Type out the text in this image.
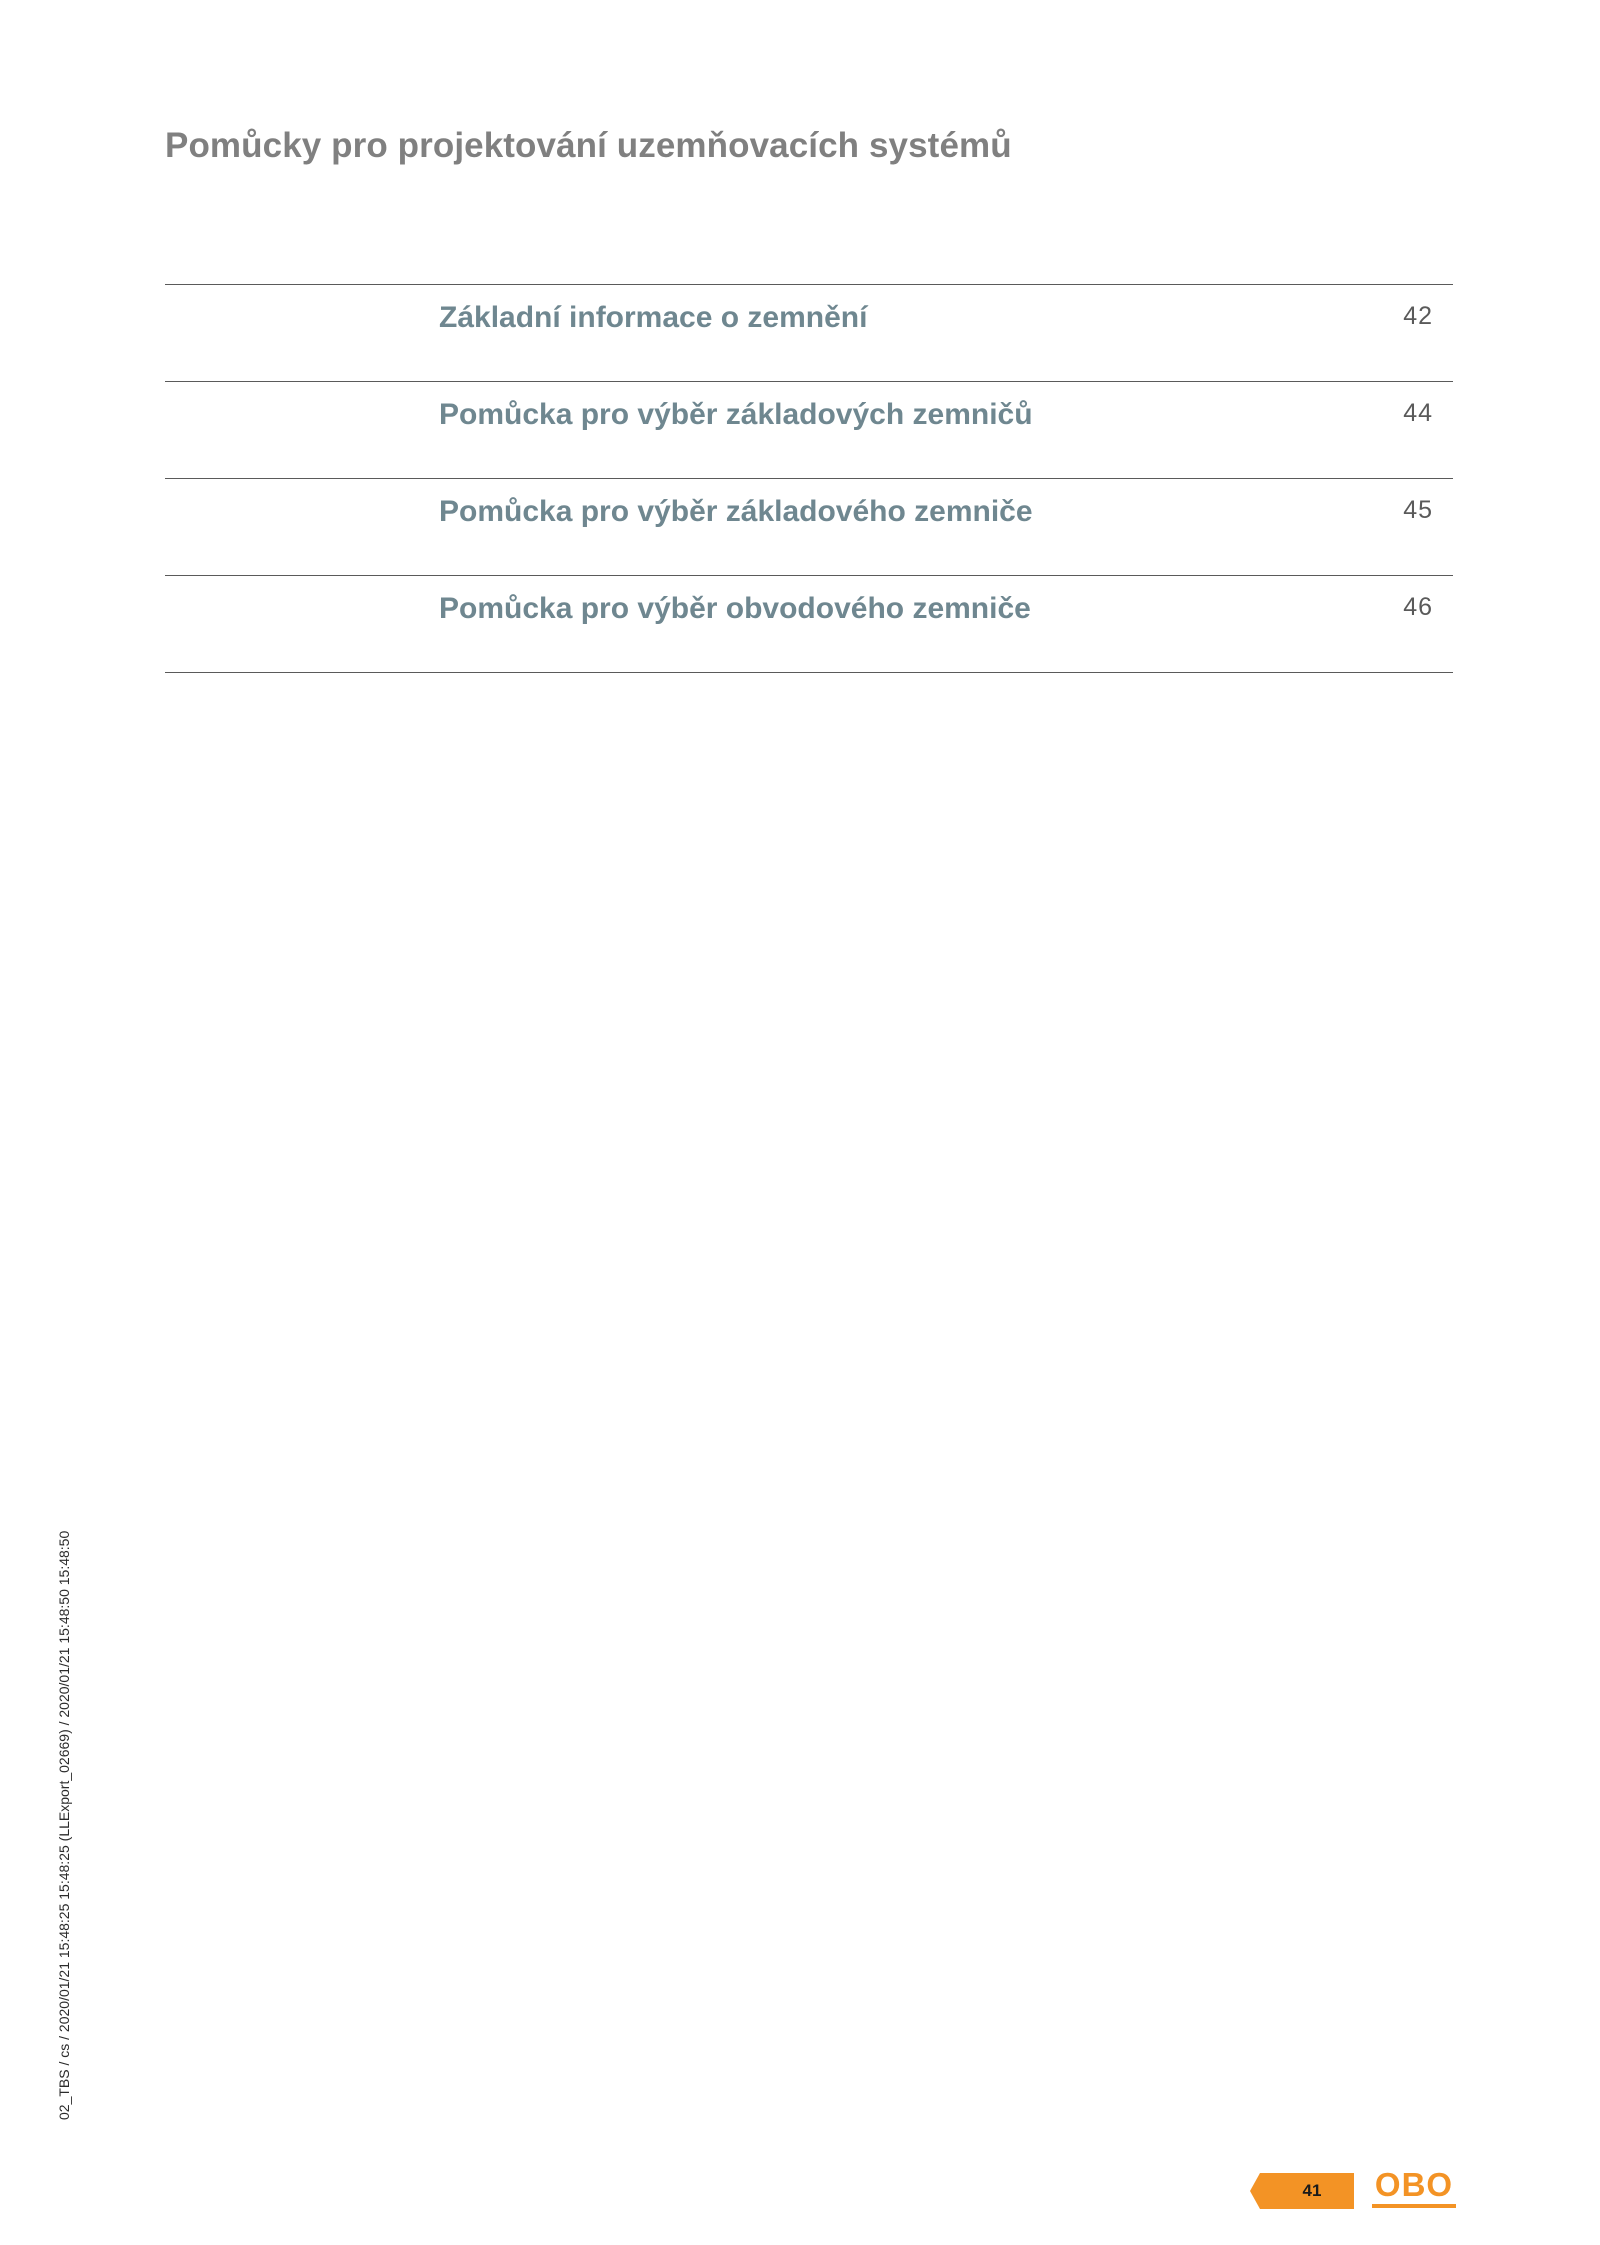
Pomůcky pro projektování uzemňovacích systémů
Základní informace o zemnění	42
Pomůcka pro výběr základových zemničů	44
Pomůcka pro výběr základového zemniče	45
Pomůcka pro výběr obvodového zemniče	46
02_TBS / cs / 2020/01/21 15:48:25 15:48:25 (LLExport_02669) / 2020/01/21 15:48:50 15:48:50
41	OBO
